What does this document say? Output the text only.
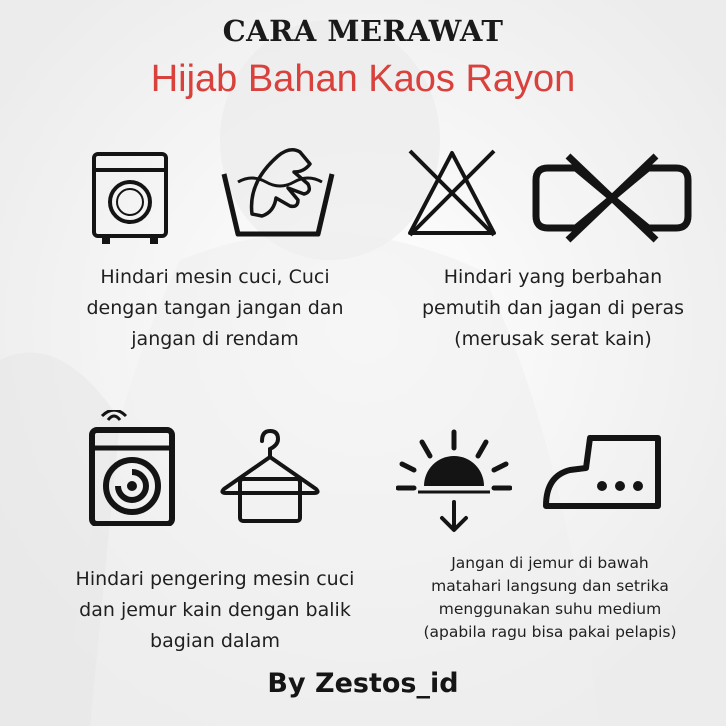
CARA MERAWAT
Hijab Bahan Kaos Rayon
Hindari mesin cuci, Cuci
dengan tangan jangan dan
jangan di rendam
Hindari yang berbahan
pemutih dan jagan di peras
(merusak serat kain)
Hindari pengering mesin cuci
dan jemur kain dengan balik
bagian dalam
Jangan di jemur di bawah
matahari langsung dan setrika
menggunakan suhu medium
(apabila ragu bisa pakai pelapis)
By Zestos_id
